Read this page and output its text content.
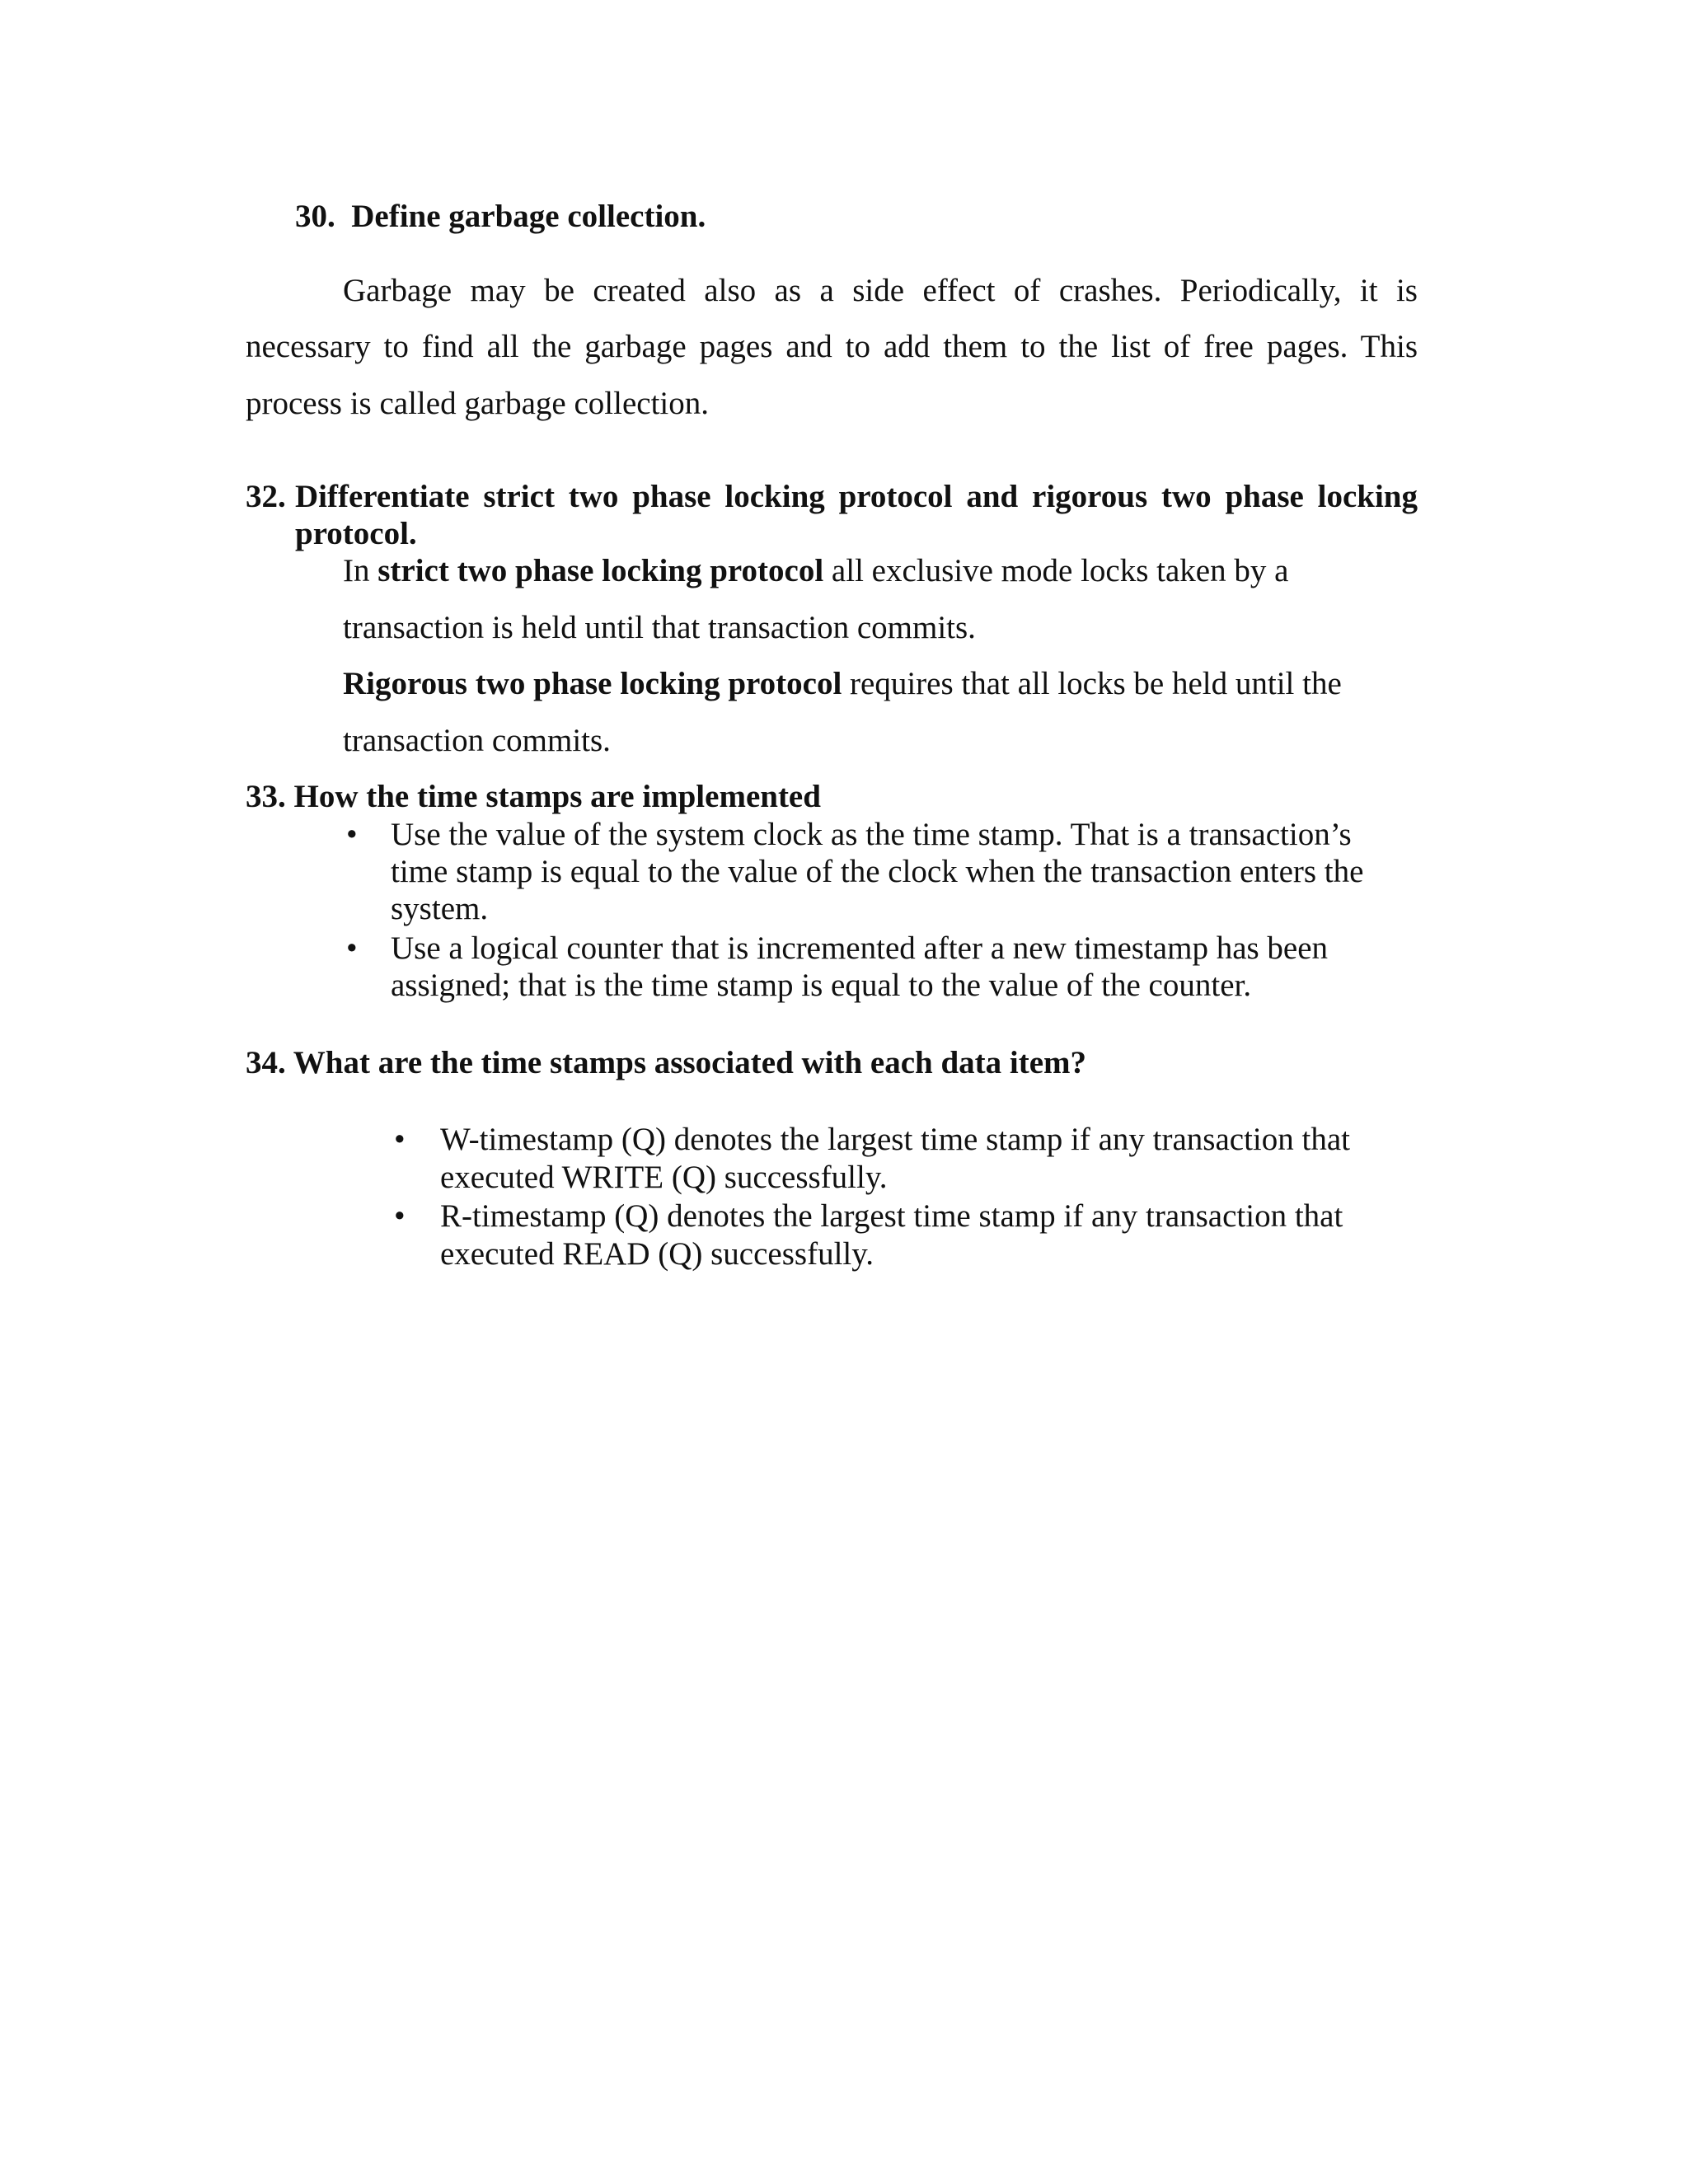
30. Define garbage collection.
Garbage may be created also as a side effect of crashes. Periodically, it is
necessary to find all the garbage pages and to add them to the list of free pages. This
process is called garbage collection.
32. Differentiate strict two phase locking protocol and rigorous two phase locking
protocol.
In strict two phase locking protocol all exclusive mode locks taken by a
transaction is held until that transaction commits.
Rigorous two phase locking protocol requires that all locks be held until the
transaction commits.
33. How the time stamps are implemented
• Use the value of the system clock as the time stamp. That is a transaction’s
time stamp is equal to the value of the clock when the transaction enters the
system.
• Use a logical counter that is incremented after a new timestamp has been
assigned; that is the time stamp is equal to the value of the counter.
34. What are the time stamps associated with each data item?
• W-timestamp (Q) denotes the largest time stamp if any transaction that
executed WRITE (Q) successfully.
• R-timestamp (Q) denotes the largest time stamp if any transaction that
executed READ (Q) successfully.
